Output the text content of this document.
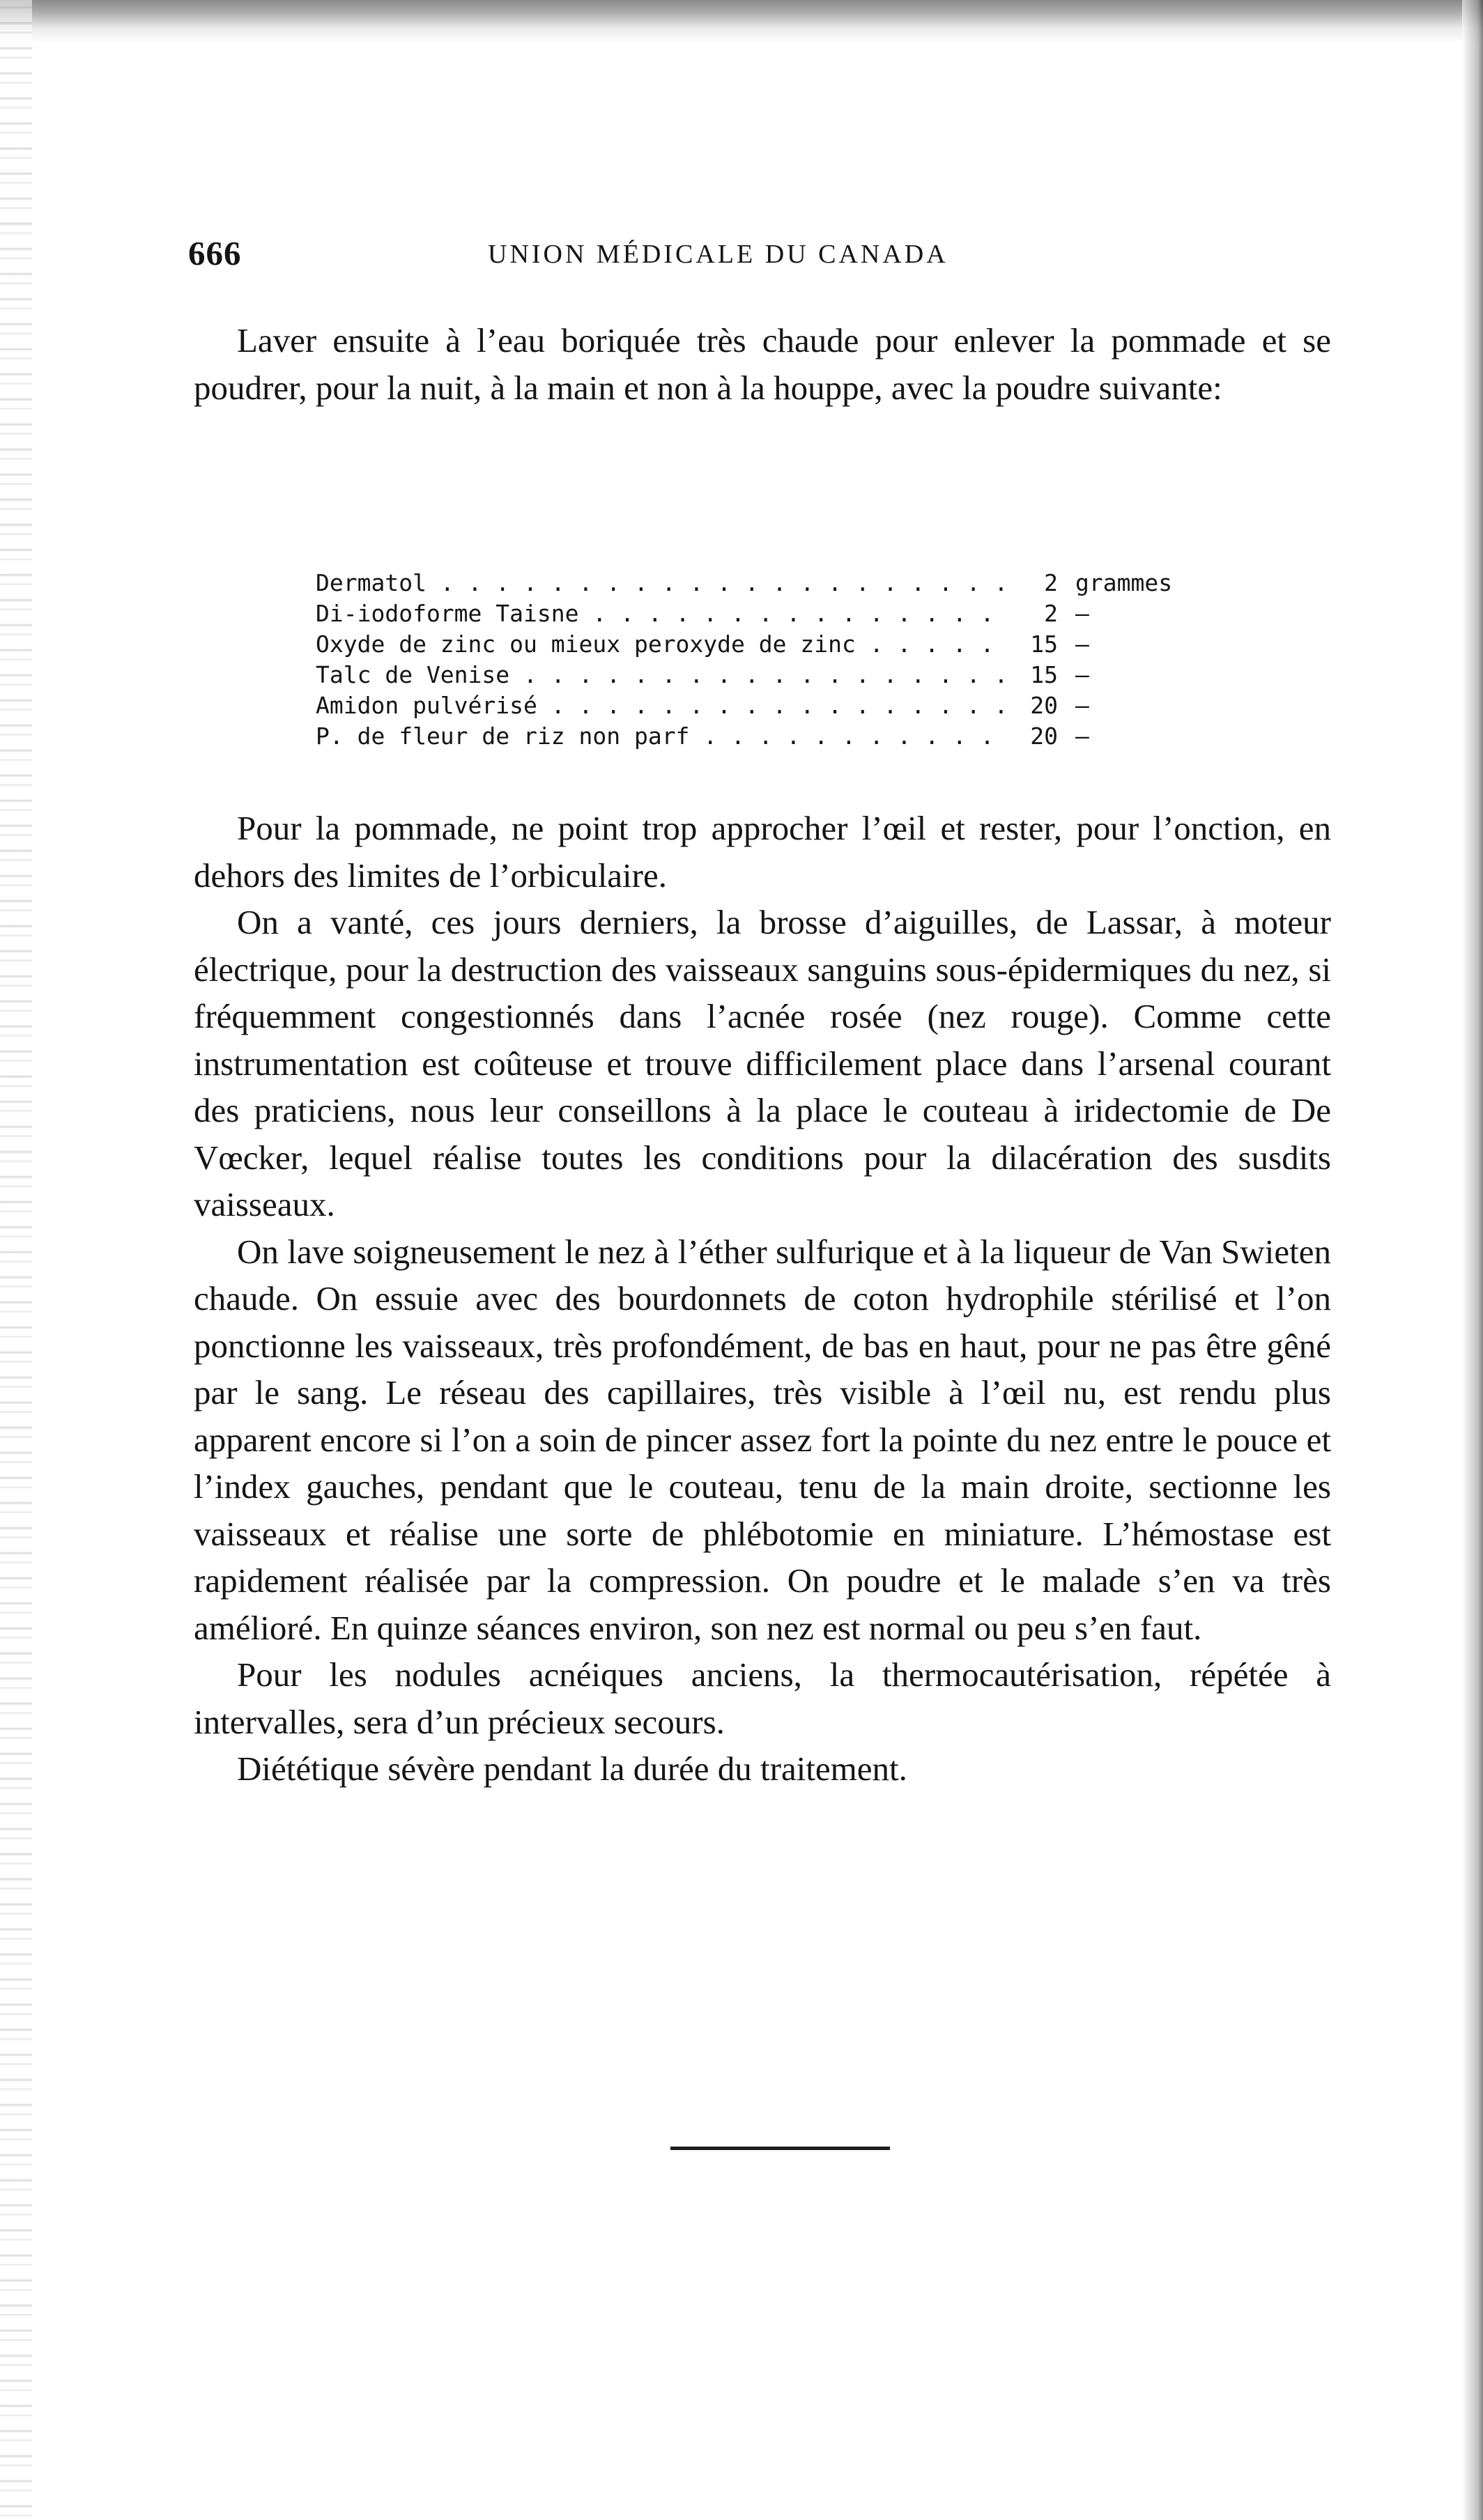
666	UNION MÉDICALE DU CANADA
Laver ensuite à l’eau boriquée très chaude pour enlever la pommade et se poudrer, pour la nuit, à la main et non à la houppe, avec la poudre suivante:
Dermatol . . .	2 grammes
Di-iodoforme Taisne . . .	2 —
Oxyde de zinc ou mieux peroxyde de zinc . . .	15 —
Talc de Venise . . .	15 —
Amidon pulvérisé . . .	20 —
P. de fleur de riz non parf . . .	20 —

Pour la pommade, ne point trop approcher l’œil et rester, pour l’onction, en dehors des limites de l’orbiculaire.

On a vanté, ces jours derniers, la brosse d’aiguilles, de Lassar, à moteur électrique, pour la destruction des vaisseaux sanguins sous-épidermiques du nez, si fréquemment congestionnés dans l’acnée rosée (nez rouge). Comme cette instrumentation est coûteuse et trouve difficilement place dans l’arsenal courant des praticiens, nous leur conseillons à la place le couteau à iridectomie de De Vœcker, lequel réalise toutes les conditions pour la dilacération des susdits vaisseaux.

On lave soigneusement le nez à l’éther sulfurique et à la liqueur de Van Swieten chaude. On essuie avec des bourdonnets de coton hydrophile stérilisé et l’on ponctionne les vaisseaux, très profondément, de bas en haut, pour ne pas être gêné par le sang. Le réseau des capillaires, très visible à l’œil nu, est rendu plus apparent encore si l’on a soin de pincer assez fort la pointe du nez entre le pouce et l’index gauches, pendant que le couteau, tenu de la main droite, sectionne les vaisseaux et réalise une sorte de phlébotomie en miniature. L’hémostase est rapidement réalisée par la compression. On poudre et le malade s’en va très amélioré. En quinze séances environ, son nez est normal ou peu s’en faut.

Pour les nodules acnéiques anciens, la thermocautérisation, répétée à intervalles, sera d’un précieux secours.

Diététique sévère pendant la durée du traitement.
